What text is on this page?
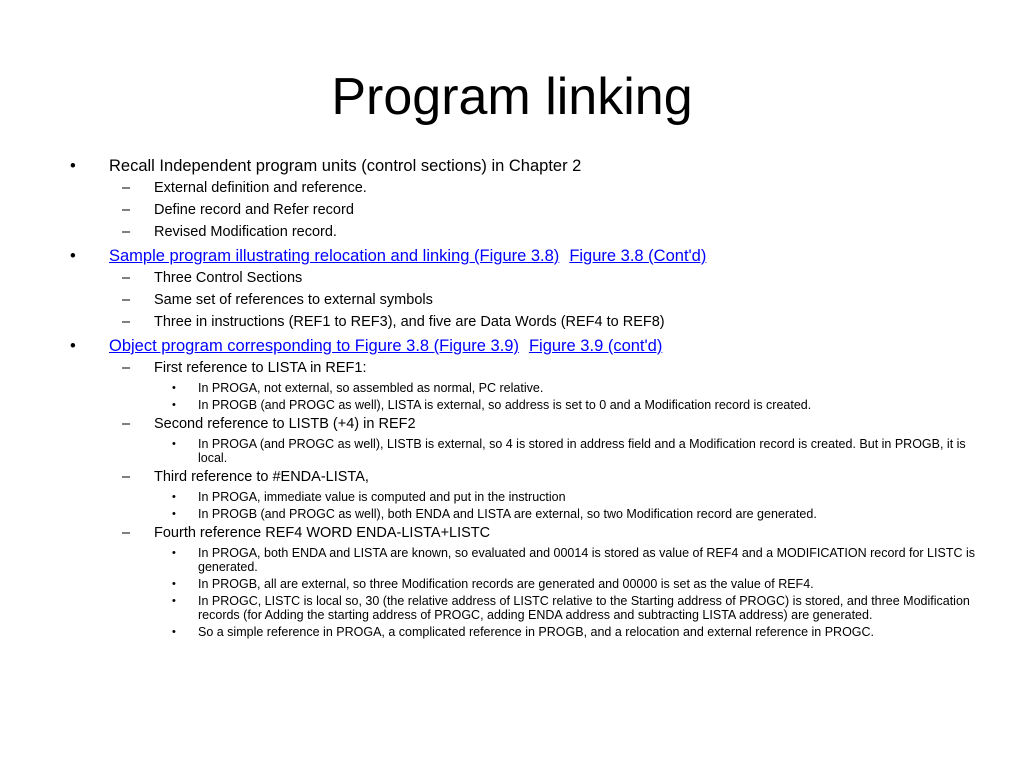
Program linking
•	Recall Independent program units (control sections) in Chapter 2
– External definition and reference.
– Define record and Refer record
– Revised Modification record.
•	Sample program illustrating relocation and linking (Figure 3.8) Figure 3.8 (Cont'd)
– Three Control Sections
– Same set of references to external symbols
– Three in instructions (REF1 to REF3), and five are Data Words (REF4 to REF8)
•	Object program corresponding to Figure 3.8 (Figure 3.9) Figure 3.9 (cont'd)
– First reference to LISTA in REF1:
• In PROGA, not external, so assembled as normal, PC relative.
• In PROGB (and PROGC as well), LISTA is external, so address is set to 0 and a Modification record is created.
– Second reference to LISTB (+4) in REF2
• In PROGA (and PROGC as well), LISTB is external, so 4 is stored in address field and a Modification record is created. But in PROGB, it is local.
– Third reference to #ENDA-LISTA,
• In PROGA, immediate value is computed and put in the instruction
• In PROGB (and PROGC as well), both ENDA and LISTA are external, so two Modification record are generated.
– Fourth reference REF4 WORD ENDA-LISTA+LISTC
• In PROGA, both ENDA and LISTA are known, so evaluated and 00014 is stored as value of REF4 and a MODIFICATION record for LISTC is generated.
• In PROGB, all are external, so three Modification records are generated and 00000 is set as the value of REF4.
• In PROGC, LISTC is local so, 30 (the relative address of LISTC relative to the Starting address of PROGC) is stored, and three Modification records (for Adding the starting address of PROGC, adding ENDA address and subtracting LISTA address) are generated.
• So a simple reference in PROGA, a complicated reference in PROGB, and a relocation and external reference in PROGC.
